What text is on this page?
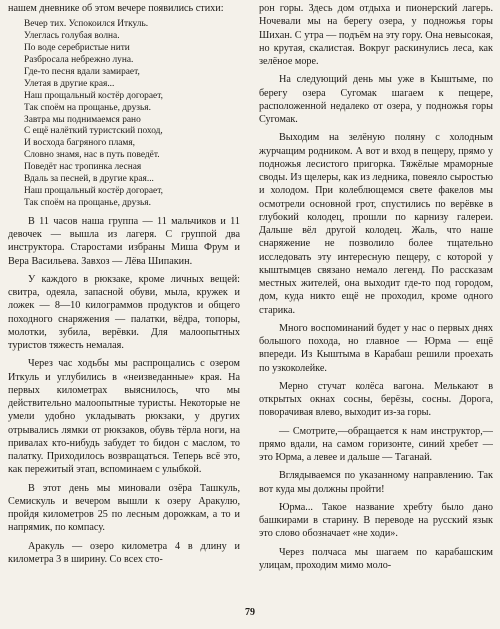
нашем дневнике об этом вечере появились стихи:

Вечер тих. Успокоился Иткуль.
Улеглась голубая волна.
По воде серебристые нити
Разбросала небрежно луна.
Где-то песня вдали замирает,
Улетая в другие края...
Наш прощальный костёр догорает,
Так споём на прощанье, друзья.
Завтра мы поднимаемся рано
С ещё налёткий туристский поход,
И восхода багряного пламя,
Словно знамя, нас в путь поведёт.
Поведёт нас тропинка лесная
Вдаль за песней, в другие края...
Наш прощальный костёр догорает,
Так споём на прощанье, друзья.

В 11 часов наша группа — 11 мальчиков и 11 девочек — вышла из лагеря. С группой два инструктора. Старостами избраны Миша Фрум и Вера Васильева. Завхоз — Лёва Шипакин.

У каждого в рюкзаке, кроме личных вещей: свитра, одеяла, запасной обуви, мыла, кружек и ложек — 8—10 килограммов продуктов и общего походного снаряжения — палатки, вёдра, топоры, молотки, зубила, верёвки. Для малоопытных туристов тяжесть немалая.

Через час ходьбы мы распрощались с озером Иткуль и углубились в «неизведанные» края. На первых километрах выяснилось, что мы действительно малоопытные туристы. Некоторые не умели удобно укладывать рюкзаки, у других отрывались лямки от рюкзаков, обувь тёрла ноги, на привалах кто-нибудь забудет то бидон с маслом, то палатку. Приходилось возвращаться. Теперь всё это, как пережитый этап, вспоминаем с улыбкой.

В этот день мы миновали озёра Ташкуль, Семискуль и вечером вышли к озеру Аракулю, пройдя километров 25 по лесным дорожкам, а то и напрямик, по компасу.

Аракуль — озеро километра 4 в длину и километра 3 в ширину. Со всех сто-

рон горы. Здесь дом отдыха и пионерский лагерь. Ночевали мы на берегу озера, у подножья горы Шихан. С утра — подъём на эту гору. Она невысокая, но крутая, скалистая. Вокруг раскинулись леса, как зелёное море.

На следующий день мы уже в Кыштыме, по берегу озера Сугомак шагаем к пещере, расположенной недалеко от озера, у подножья горы Сугомак.

Выходим на зелёную поляну с холодным журчащим родником. А вот и вход в пещеру, прямо у подножья лесистого пригорка. Тяжёлые мраморные своды. Из щелеры, как из ледника, повеяло сыростью и холодом. При колеблющемся свете факелов мы осмотрели основной грот, спустились по верёвке в глубокий колодец, прошли по карнизу галереи. Дальше вёл другой колодец. Жаль, что наше снаряжение не позволило более тщательно исследовать эту интересную пещеру, с которой у кыштымцев связано немало легенд. По рассказам местных жителей, она выходит где-то под городом, дом, куда никто ещё не проходил, кроме одного старика.

Много воспоминаний будет у нас о первых днях большого похода, но главное — Юрма — ещё впереди. Из Кыштыма в Карабаш решили проехать по узкоколейке.

Мерно стучат колёса вагона. Мелькают в открытых окнах сосны, берёзы, сосны. Дорога, поворачивая влево, выходит из-за горы.

— Смотрите,—обращается к нам инструктор,— прямо вдали, на самом горизонте, синий хребет — это Юрма, а левее и дальше — Таганай.

Вглядываемся по указанному направлению. Так вот куда мы должны пройти!

Юрма... Такое название хребту было дано башкирами в старину. В переводе на русский язык это слово обозначает «не ходи».

Через полчаса мы шагаем по карабашским улицам, проходим мимо моло-

79
